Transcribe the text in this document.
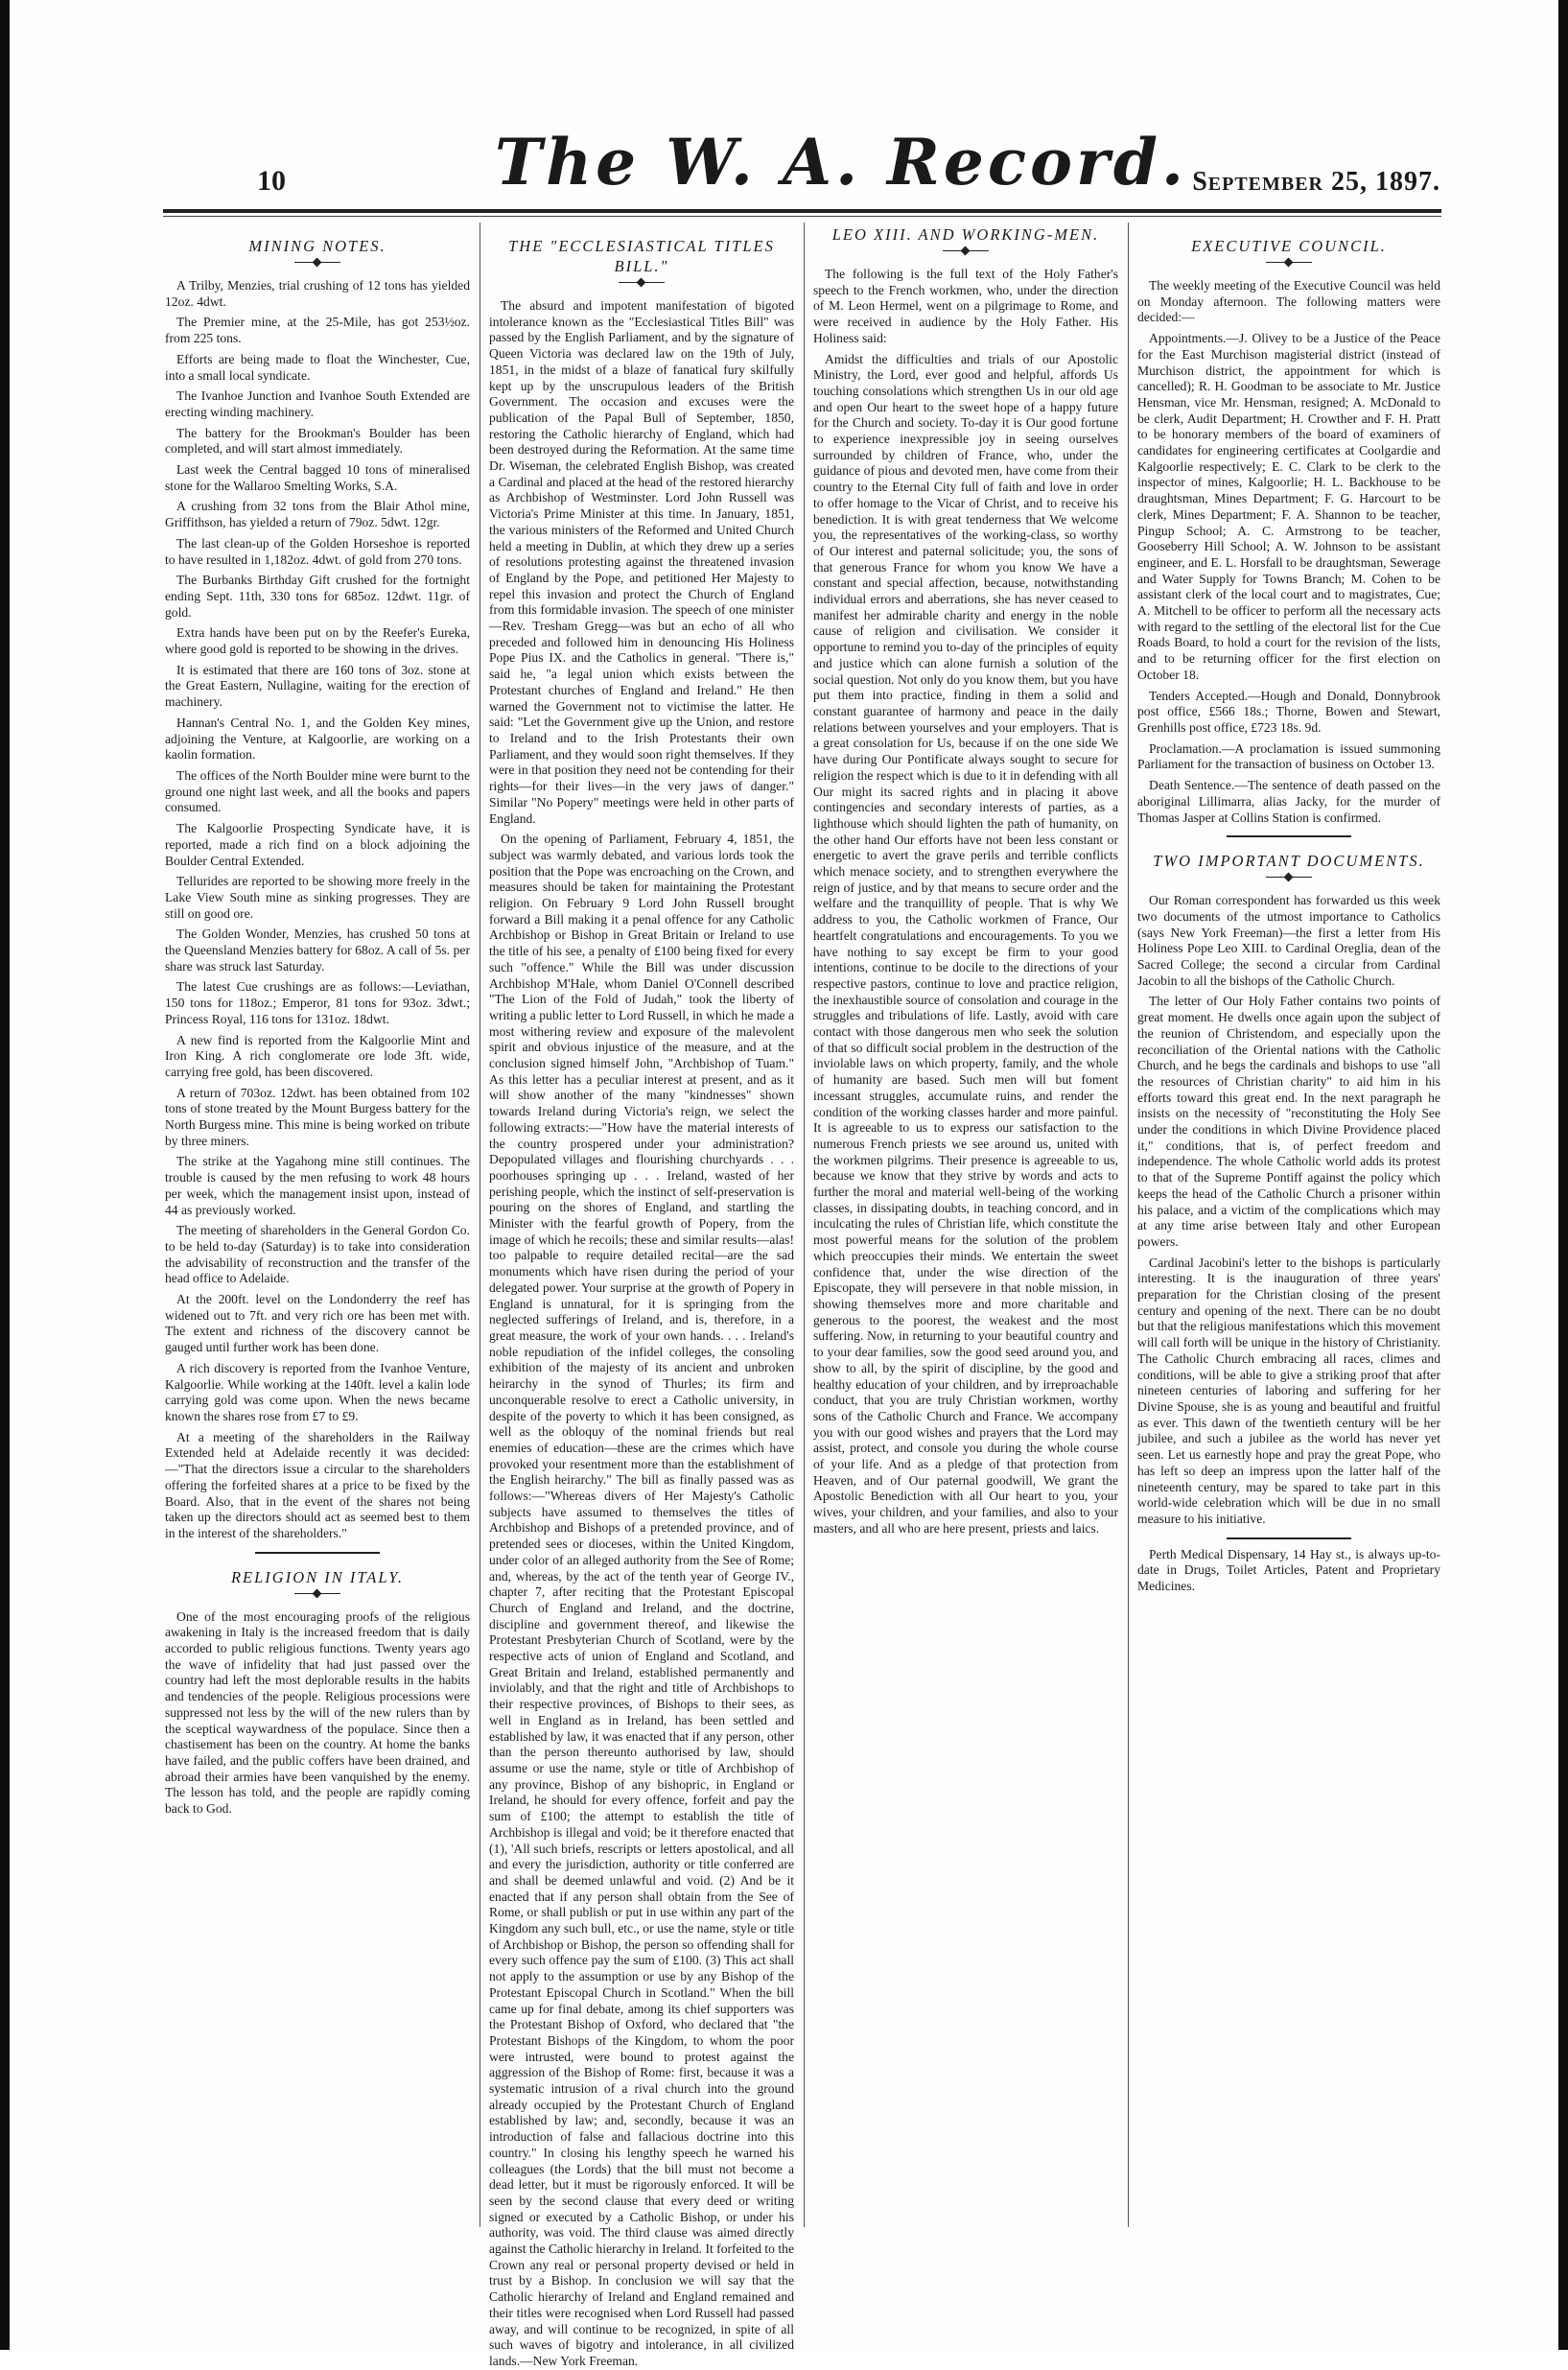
10	The W. A. Record. September 25, 1897.
MINING NOTES.

A Trilby, Menzies, trial crushing of 12 tons has yielded 12oz. 4dwt.

The Premier mine, at the 25-Mile, has got 253½oz. from 225 tons.

Efforts are being made to float the Winchester, Cue, into a small local syndicate.

The Ivanhoe Junction and Ivanhoe South Extended are erecting winding machinery.

The battery for the Brookman's Boulder has been completed, and will start almost immediately.

Last week the Central bagged 10 tons of mineralised stone for the Wallaroo Smelting Works, S.A.

A crushing from 32 tons from the Blair Athol mine, Griffithson, has yielded a return of 79oz. 5dwt. 12gr.

The last clean-up of the Golden Horseshoe is reported to have resulted in 1,182oz. 4dwt. of gold from 270 tons.

The Burbanks Birthday Gift crushed for the fortnight ending Sept. 11th, 330 tons for 685oz. 12dwt. 11gr. of gold.

Extra hands have been put on by the Reefer's Eureka, where good gold is reported to be showing in the drives.

It is estimated that there are 160 tons of 3oz. stone at the Great Eastern, Nullagine, waiting for the erection of machinery.

Hannan's Central No. 1, and the Golden Key mines, adjoining the Venture, at Kalgoorlie, are working on a kaolin formation.

The offices of the North Boulder mine were burnt to the ground one night last week, and all the books and papers consumed.

The Kalgoorlie Prospecting Syndicate have, it is reported, made a rich find on a block adjoining the Boulder Central Extended.

Tellurides are reported to be showing more freely in the Lake View South mine as sinking progresses. They are still on good ore.

The Golden Wonder, Menzies, has crushed 50 tons at the Queensland Menzies battery for 68oz. A call of 5s. per share was struck last Saturday.

The latest Cue crushings are as follows:—Leviathan, 150 tons for 118oz.; Emperor, 81 tons for 93oz. 3dwt.; Princess Royal, 116 tons for 131oz. 18dwt.

A new find is reported from the Kalgoorlie Mint and Iron King. A rich conglomerate ore lode 3ft. wide, carrying free gold, has been discovered.

A return of 703oz. 12dwt. has been obtained from 102 tons of stone treated by the Mount Burgess battery for the North Burgess mine. This mine is being worked on tribute by three miners.

The strike at the Yagahong mine still continues. The trouble is caused by the men refusing to work 48 hours per week, which the management insist upon, instead of 44 as previously worked.

The meeting of shareholders in the General Gordon Co. to be held to-day (Saturday) is to take into consideration the advisability of reconstruction and the transfer of the head office to Adelaide.

At the 200ft. level on the Londonderry the reef has widened out to 7ft. and very rich ore has been met with. The extent and richness of the discovery cannot be gauged until further work has been done.

A rich discovery is reported from the Ivanhoe Venture, Kalgoorlie. While working at the 140ft. level a kalin lode carrying gold was come upon. When the news became known the shares rose from £7 to £9.

At a meeting of the shareholders in the Railway Extended held at Adelaide recently it was decided:—"That the directors issue a circular to the shareholders offering the forfeited shares at a price to be fixed by the Board. Also, that in the event of the shares not being taken up the directors should act as seemed best to them in the interest of the shareholders."

RELIGION IN ITALY.

One of the most encouraging proofs of the religious awakening in Italy is the increased freedom that is daily accorded to public religious functions. Twenty years ago the wave of infidelity that had just passed over the country had left the most deplorable results in the habits and tendencies of the people. Religious processions were suppressed not less by the will of the new rulers than by the sceptical waywardness of the populace. Since then a chastisement has been on the country. At home the banks have failed, and the public coffers have been drained, and abroad their armies have been vanquished by the enemy. The lesson has told, and the people are rapidly coming back to God.

THE "ECCLESIASTICAL TITLES BILL."

The absurd and impotent manifestation of bigoted intolerance known as the "Ecclesiastical Titles Bill" was passed by the English Parliament, and by the signature of Queen Victoria was declared law on the 19th of July, 1851, in the midst of a blaze of fanatical fury skilfully kept up by the unscrupulous leaders of the British Government. The occasion and excuses were the publication of the Papal Bull of September, 1850, restoring the Catholic hierarchy of England, which had been destroyed during the Reformation. At the same time Dr. Wiseman, the celebrated English Bishop, was created a Cardinal and placed at the head of the restored hierarchy as Archbishop of Westminster. Lord John Russell was Victoria's Prime Minister at this time. In January, 1851, the various ministers of the Reformed and United Church held a meeting in Dublin, at which they drew up a series of resolutions protesting against the threatened invasion of England by the Pope, and petitioned Her Majesty to repel this invasion and protect the Church of England from this formidable invasion. The speech of one minister—Rev. Tresham Gregg—was but an echo of all who preceded and followed him in denouncing His Holiness Pope Pius IX. and the Catholics in general. "There is," said he, "a legal union which exists between the Protestant churches of England and Ireland." He then warned the Government not to victimise the latter. He said: "Let the Government give up the Union, and restore to Ireland and to the Irish Protestants their own Parliament, and they would soon right themselves. If they were in that position they need not be contending for their rights—for their lives—in the very jaws of danger." Similar "No Popery" meetings were held in other parts of England.

On the opening of Parliament, February 4, 1851, the subject was warmly debated, and various lords took the position that the Pope was encroaching on the Crown, and measures should be taken for maintaining the Protestant religion. On February 9 Lord John Russell brought forward a Bill making it a penal offence for any Catholic Archbishop or Bishop in Great Britain or Ireland to use the title of his see, a penalty of £100 being fixed for every such "offence." While the Bill was under discussion Archbishop M'Hale, whom Daniel O'Connell described "The Lion of the Fold of Judah," took the liberty of writing a public letter to Lord Russell, in which he made a most withering review and exposure of the malevolent spirit and obvious injustice of the measure, and at the conclusion signed himself John, "Archbishop of Tuam." As this letter has a peculiar interest at present, and as it will show another of the many "kindnesses" shown towards Ireland during Victoria's reign, we select the following extracts:—"How have the material interests of the country prospered under your administration? Depopulated villages and flourishing churchyards . . . poorhouses springing up . . . Ireland, wasted of her perishing people, which the instinct of self-preservation is pouring on the shores of England, and startling the Minister with the fearful growth of Popery, from the image of which he recoils; these and similar results—alas! too palpable to require detailed recital—are the sad monuments which have risen during the period of your delegated power. Your surprise at the growth of Popery in England is unnatural, for it is springing from the neglected sufferings of Ireland, and is, therefore, in a great measure, the work of your own hands. . . . Ireland's noble repudiation of the infidel colleges, the consoling exhibition of the majesty of its ancient and unbroken heirarchy in the synod of Thurles; its firm and unconquerable resolve to erect a Catholic university, in despite of the poverty to which it has been consigned, as well as the obloquy of the nominal friends but real enemies of education—these are the crimes which have provoked your resentment more than the establishment of the English heirarchy." The bill as finally passed was as follows:—"Whereas divers of Her Majesty's Catholic subjects have assumed to themselves the titles of Archbishop and Bishops of a pretended province, and of pretended sees or dioceses, within the United Kingdom, under color of an alleged authority from the See of Rome; and, whereas, by the act of the tenth year of George IV., chapter 7, after reciting that the Protestant Episcopal Church of England and Ireland, and the doctrine, discipline and government thereof, and likewise the Protestant Presbyterian Church of Scotland, were by the respective acts of union of England and Scotland, and Great Britain and Ireland, established permanently and inviolably, and that the right and title of Archbishops to their respective provinces, of Bishops to their sees, as well in England as in Ireland, has been settled and established by law, it was enacted that if any person, other than the person thereunto authorised by law, should assume or use the name, style or title of Archbishop of any province, Bishop of any bishopric, in England or Ireland, he should for every offence, forfeit and pay the sum of £100; the attempt to establish the title of Archbishop is illegal and void; be it therefore enacted that (1), 'All such briefs, rescripts or letters apostolical, and all and every the jurisdiction, authority or title conferred are and shall be deemed unlawful and void. (2) And be it enacted that if any person shall obtain from the See of Rome, or shall publish or put in use within any part of the Kingdom any such bull, etc., or use the name, style or title of Archbishop or Bishop, the person so offending shall for every such offence pay the sum of £100. (3) This act shall not apply to the assumption or use by any Bishop of the Protestant Episcopal Church in Scotland." When the bill came up for final debate, among its chief supporters was the Protestant Bishop of Oxford, who declared that "the Protestant Bishops of the Kingdom, to whom the poor were intrusted, were bound to protest against the aggression of the Bishop of Rome: first, because it was a systematic intrusion of a rival church into the ground already occupied by the Protestant Church of England established by law; and, secondly, because it was an introduction of false and fallacious doctrine into this country." In closing his lengthy speech he warned his colleagues (the Lords) that the bill must not become a dead letter, but it must be rigorously enforced. It will be seen by the second clause that every deed or writing signed or executed by a Catholic Bishop, or under his authority, was void. The third clause was aimed directly against the Catholic hierarchy in Ireland. It forfeited to the Crown any real or personal property devised or held in trust by a Bishop. In conclusion we will say that the Catholic hierarchy of Ireland and England remained and their titles were recognised when Lord Russell had passed away, and will continue to be recognized, in spite of all such waves of bigotry and intolerance, in all civilized lands.—New York Freeman.

LEO XIII. AND WORKING-MEN.

The following is the full text of the Holy Father's speech to the French workmen, who, under the direction of M. Leon Hermel, went on a pilgrimage to Rome, and were received in audience by the Holy Father. His Holiness said:

Amidst the difficulties and trials of our Apostolic Ministry, the Lord, ever good and helpful, affords Us touching consolations which strengthen Us in our old age and open Our heart to the sweet hope of a happy future for the Church and society. To-day it is Our good fortune to experience inexpressible joy in seeing ourselves surrounded by children of France, who, under the guidance of pious and devoted men, have come from their country to the Eternal City full of faith and love in order to offer homage to the Vicar of Christ, and to receive his benediction. It is with great tenderness that We welcome you, the representatives of the working-class, so worthy of Our interest and paternal solicitude; you, the sons of that generous France for whom you know We have a constant and special affection, because, notwithstanding individual errors and aberrations, she has never ceased to manifest her admirable charity and energy in the noble cause of religion and civilisation. We consider it opportune to remind you to-day of the principles of equity and justice which can alone furnish a solution of the social question. Not only do you know them, but you have put them into practice, finding in them a solid and constant guarantee of harmony and peace in the daily relations between yourselves and your employers. That is a great consolation for Us, because if on the one side We have during Our Pontificate always sought to secure for religion the respect which is due to it in defending with all Our might its sacred rights and in placing it above contingencies and secondary interests of parties, as a lighthouse which should lighten the path of humanity, on the other hand Our efforts have not been less constant or energetic to avert the grave perils and terrible conflicts which menace society, and to strengthen everywhere the reign of justice, and by that means to secure order and the welfare and the tranquillity of people. That is why We address to you, the Catholic workmen of France, Our heartfelt congratulations and encouragements. To you we have nothing to say except be firm to your good intentions, continue to be docile to the directions of your respective pastors, continue to love and practice religion, the inexhaustible source of consolation and courage in the struggles and tribulations of life. Lastly, avoid with care contact with those dangerous men who seek the solution of that so difficult social problem in the destruction of the inviolable laws on which property, family, and the whole of humanity are based. Such men will but foment incessant struggles, accumulate ruins, and render the condition of the working classes harder and more painful. It is agreeable to us to express our satisfaction to the numerous French priests we see around us, united with the workmen pilgrims. Their presence is agreeable to us, because we know that they strive by words and acts to further the moral and material well-being of the working classes, in dissipating doubts, in teaching concord, and in inculcating the rules of Christian life, which constitute the most powerful means for the solution of the problem which preoccupies their minds. We entertain the sweet confidence that, under the wise direction of the Episcopate, they will persevere in that noble mission, in showing themselves more and more charitable and generous to the poorest, the weakest and the most suffering. Now, in returning to your beautiful country and to your dear families, sow the good seed around you, and show to all, by the spirit of discipline, by the good and healthy education of your children, and by irreproachable conduct, that you are truly Christian workmen, worthy sons of the Catholic Church and France. We accompany you with our good wishes and prayers that the Lord may assist, protect, and console you during the whole course of your life. And as a pledge of that protection from Heaven, and of Our paternal goodwill, We grant the Apostolic Benediction with all Our heart to you, your wives, your children, and your families, and also to your masters, and all who are here present, priests and laics.

EXECUTIVE COUNCIL.

The weekly meeting of the Executive Council was held on Monday afternoon. The following matters were decided:—

Appointments.—J. Olivey to be a Justice of the Peace for the East Murchison magisterial district (instead of Murchison district, the appointment for which is cancelled); R. H. Goodman to be associate to Mr. Justice Hensman, vice Mr. Hensman, resigned; A. McDonald to be clerk, Audit Department; H. Crowther and F. H. Pratt to be honorary members of the board of examiners of candidates for engineering certificates at Coolgardie and Kalgoorlie respectively; E. C. Clark to be clerk to the inspector of mines, Kalgoorlie; H. L. Backhouse to be draughtsman, Mines Department; F. G. Harcourt to be clerk, Mines Department; F. A. Shannon to be teacher, Pingup School; A. C. Armstrong to be teacher, Gooseberry Hill School; A. W. Johnson to be assistant engineer, and E. L. Horsfall to be draughtsman, Sewerage and Water Supply for Towns Branch; M. Cohen to be assistant clerk of the local court and to magistrates, Cue; A. Mitchell to be officer to perform all the necessary acts with regard to the settling of the electoral list for the Cue Roads Board, to hold a court for the revision of the lists, and to be returning officer for the first election on October 18.

Tenders Accepted.—Hough and Donald, Donnybrook post office, £566 18s.; Thorne, Bowen and Stewart, Grenhills post office, £723 18s. 9d.

Proclamation.—A proclamation is issued summoning Parliament for the transaction of business on October 13.

Death Sentence.—The sentence of death passed on the aboriginal Lillimarra, alias Jacky, for the murder of Thomas Jasper at Collins Station is confirmed.

TWO IMPORTANT DOCUMENTS.

Our Roman correspondent has forwarded us this week two documents of the utmost importance to Catholics (says New York Freeman)—the first a letter from His Holiness Pope Leo XIII. to Cardinal Oreglia, dean of the Sacred College; the second a circular from Cardinal Jacobin to all the bishops of the Catholic Church.

The letter of Our Holy Father contains two points of great moment. He dwells once again upon the subject of the reunion of Christendom, and especially upon the reconciliation of the Oriental nations with the Catholic Church, and he begs the cardinals and bishops to use "all the resources of Christian charity" to aid him in his efforts toward this great end. In the next paragraph he insists on the necessity of "reconstituting the Holy See under the conditions in which Divine Providence placed it," conditions, that is, of perfect freedom and independence. The whole Catholic world adds its protest to that of the Supreme Pontiff against the policy which keeps the head of the Catholic Church a prisoner within his palace, and a victim of the complications which may at any time arise between Italy and other European powers.

Cardinal Jacobini's letter to the bishops is particularly interesting. It is the inauguration of three years' preparation for the Christian closing of the present century and opening of the next. There can be no doubt but that the religious manifestations which this movement will call forth will be unique in the history of Christianity. The Catholic Church embracing all races, climes and conditions, will be able to give a striking proof that after nineteen centuries of laboring and suffering for her Divine Spouse, she is as young and beautiful and fruitful as ever. This dawn of the twentieth century will be her jubilee, and such a jubilee as the world has never yet seen. Let us earnestly hope and pray the great Pope, who has left so deep an impress upon the latter half of the nineteenth century, may be spared to take part in this world-wide celebration which will be due in no small measure to his initiative.

Perth Medical Dispensary, 14 Hay st., is always up-to-date in Drugs, Toilet Articles, Patent and Proprietary Medicines.
